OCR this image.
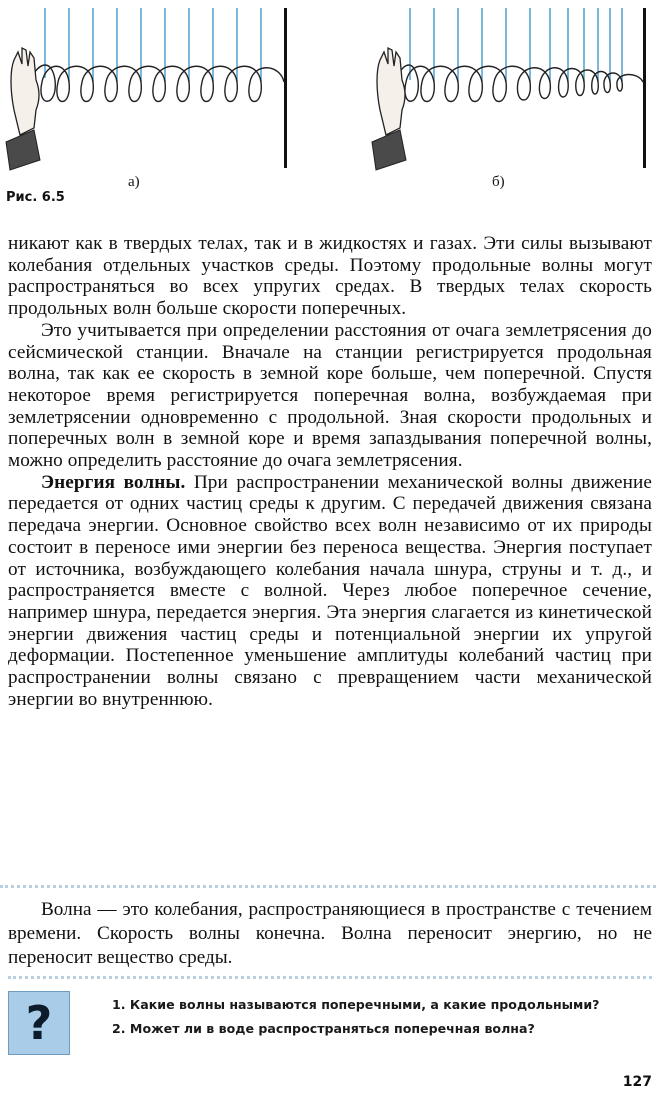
а)	б)
Рис. 6.5

никают как в твердых телах, так и в жидкостях и газах. Эти силы вызывают колебания отдельных участков среды. Поэтому продольные волны могут распространяться во всех упругих средах. В твердых телах скорость продольных волн больше скорости поперечных.

Это учитывается при определении расстояния от очага землетрясения до сейсмической станции. Вначале на станции регистрируется продольная волна, так как ее скорость в земной коре больше, чем поперечной. Спустя некоторое время регистрируется поперечная волна, возбуждаемая при землетрясении одновременно с продольной. Зная скорости продольных и поперечных волн в земной коре и время запаздывания поперечной волны, можно определить расстояние до очага землетрясения.

Энергия волны. При распространении механической волны движение передается от одних частиц среды к другим. С передачей движения связана передача энергии. Основное свойство всех волн независимо от их природы состоит в переносе ими энергии без переноса вещества. Энергия поступает от источника, возбуждающего колебания начала шнура, струны и т. д., и распространяется вместе с волной. Через любое поперечное сечение, например шнура, передается энергия. Эта энергия слагается из кинетической энергии движения частиц среды и потенциальной энергии их упругой деформации. Постепенное уменьшение амплитуды колебаний частиц при распространении волны связано с превращением части механической энергии во внутреннюю.

Волна — это колебания, распространяющиеся в пространстве с течением времени. Скорость волны конечна. Волна переносит энергию, но не переносит вещество среды.
?	1. Какие волны называются поперечными, а какие продольными?
2. Может ли в воде распространяться поперечная волна?
127
